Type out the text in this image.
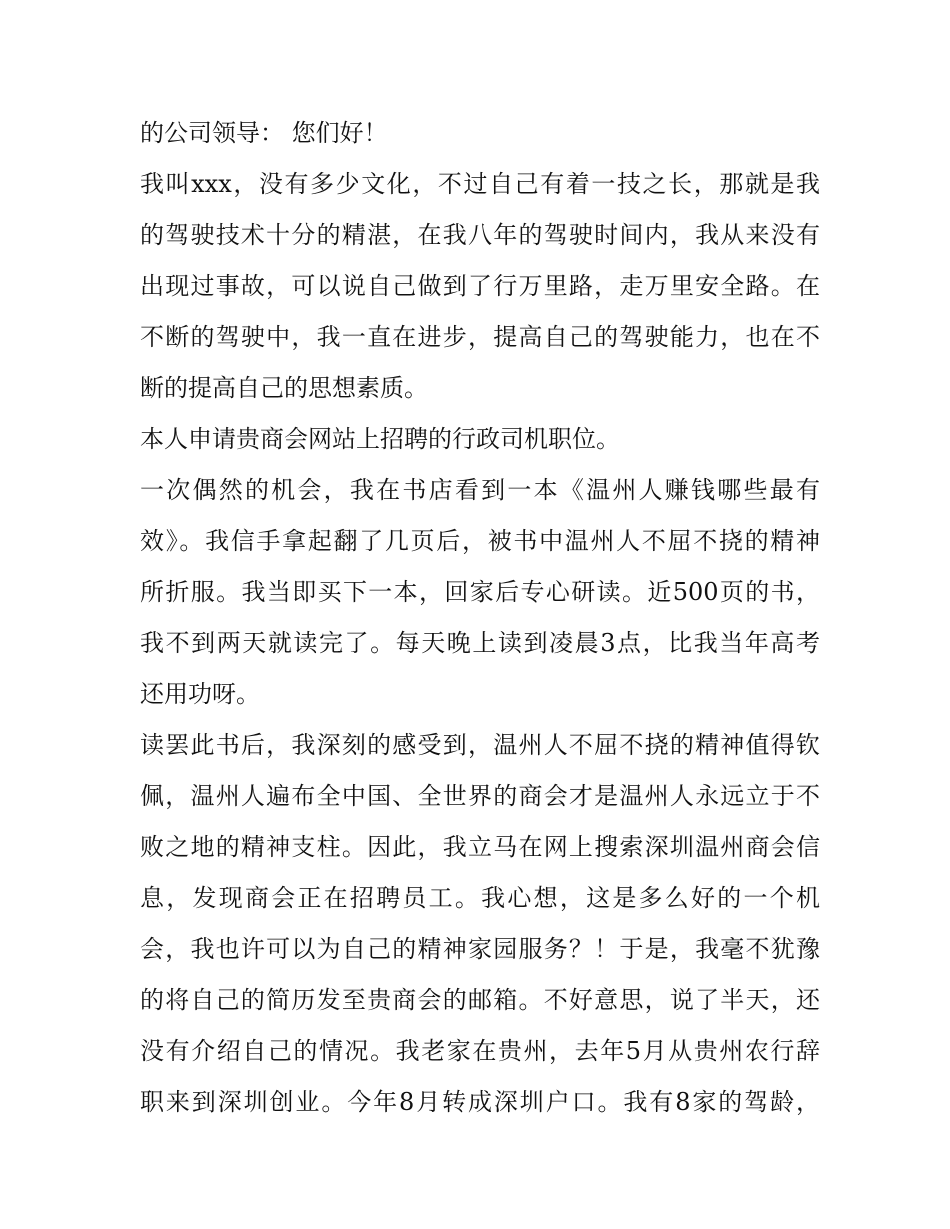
的公司领导： 您们好！
我叫xxx，没有多少文化，不过自己有着一技之长，那就是我
的驾驶技术十分的精湛，在我八年的驾驶时间内，我从来没有
出现过事故，可以说自己做到了行万里路，走万里安全路。在
不断的驾驶中，我一直在进步，提高自己的驾驶能力，也在不
断的提高自己的思想素质。
本人申请贵商会网站上招聘的行政司机职位。
一次偶然的机会，我在书店看到一本《温州人赚钱哪些最有
效》。我信手拿起翻了几页后，被书中温州人不屈不挠的精神
所折服。我当即买下一本，回家后专心研读。近500页的书，
我不到两天就读完了。每天晚上读到凌晨3点，比我当年高考
还用功呀。
读罢此书后，我深刻的感受到，温州人不屈不挠的精神值得钦
佩，温州人遍布全中国、全世界的商会才是温州人永远立于不
败之地的精神支柱。因此，我立马在网上搜索深圳温州商会信
息，发现商会正在招聘员工。我心想，这是多么好的一个机
会，我也许可以为自己的精神家园服务？！于是，我毫不犹豫
的将自己的简历发至贵商会的邮箱。不好意思，说了半天，还
没有介绍自己的情况。我老家在贵州，去年5月从贵州农行辞
职来到深圳创业。今年8月转成深圳户口。我有8家的驾龄，
